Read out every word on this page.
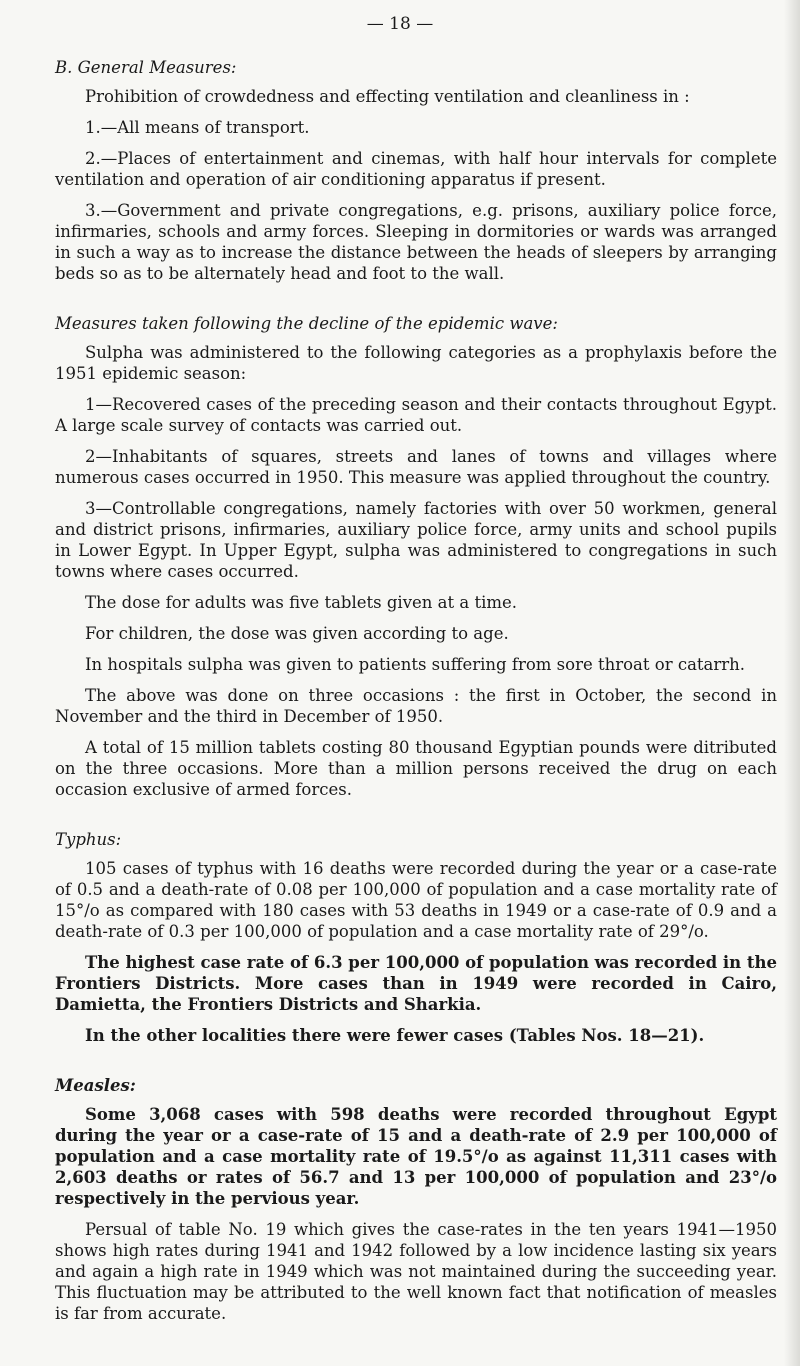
— 18 —
B. General Measures:

Prohibition of crowdedness and effecting ventilation and cleanliness in :

1.—All means of transport.

2.—Places of entertainment and cinemas, with half hour intervals for complete ventilation and operation of air conditioning apparatus if present.

3.—Government and private congregations, e.g. prisons, auxiliary police force, infirmaries, schools and army forces. Sleeping in dormitories or wards was arranged in such a way as to increase the distance between the heads of sleepers by arranging beds so as to be alternately head and foot to the wall.

Measures taken following the decline of the epidemic wave:

Sulpha was administered to the following categories as a prophylaxis before the 1951 epidemic season:

1—Recovered cases of the preceding season and their contacts throughout Egypt. A large scale survey of contacts was carried out.

2—Inhabitants of squares, streets and lanes of towns and villages where numerous cases occurred in 1950. This measure was applied throughout the country.

3—Controllable congregations, namely factories with over 50 workmen, general and district prisons, infirmaries, auxiliary police force, army units and school pupils in Lower Egypt. In Upper Egypt, sulpha was administered to congregations in such towns where cases occurred.

The dose for adults was five tablets given at a time.

For children, the dose was given according to age.

In hospitals sulpha was given to patients suffering from sore throat or catarrh.

The above was done on three occasions : the first in October, the second in November and the third in December of 1950.

A total of 15 million tablets costing 80 thousand Egyptian pounds were ditributed on the three occasions. More than a million persons received the drug on each occasion exclusive of armed forces.

Typhus:

105 cases of typhus with 16 deaths were recorded during the year or a case-rate of 0.5 and a death-rate of 0.08 per 100,000 of population and a case mortality rate of 15°/o as compared with 180 cases with 53 deaths in 1949 or a case-rate of 0.9 and a death-rate of 0.3 per 100,000 of population and a case mortality rate of 29°/o.

The highest case rate of 6.3 per 100,000 of population was recorded in the Frontiers Districts. More cases than in 1949 were recorded in Cairo, Damietta, the Frontiers Districts and Sharkia.

In the other localities there were fewer cases (Tables Nos. 18—21).

Measles:

Some 3,068 cases with 598 deaths were recorded throughout Egypt during the year or a case-rate of 15 and a death-rate of 2.9 per 100,000 of population and a case mortality rate of 19.5°/o as against 11,311 cases with 2,603 deaths or rates of 56.7 and 13 per 100,000 of population and 23°/o respectively in the pervious year.

Persual of table No. 19 which gives the case-rates in the ten years 1941—1950 shows high rates during 1941 and 1942 followed by a low incidence lasting six years and again a high rate in 1949 which was not maintained during the succeeding year. This fluctuation may be attributed to the well known fact that notification of measles is far from accurate.
